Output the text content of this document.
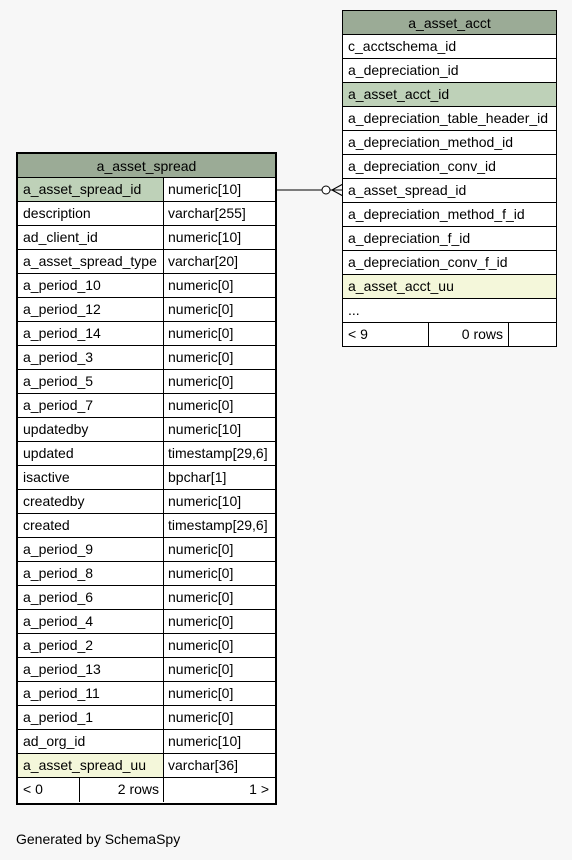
a_asset_spread
a_asset_spread_id	numeric[10]
description	varchar[255]
ad_client_id	numeric[10]
a_asset_spread_type varchar[20]
a_period_10	numeric[0]
a_period_12	numeric[0]
a_period_14	numeric[0]
a_period_3	numeric[0]
a_period_5	numeric[0]
a_period_7	numeric[0]
updatedby	numeric[10]
updated	timestamp[29,6]
isactive	bpchar[1]
createdby	numeric[10]
created	timestamp[29,6]
a_period_9	numeric[0]
a_period_8	numeric[0]
a_period_6	numeric[0]
a_period_4	numeric[0]
a_period_2	numeric[0]
a_period_13	numeric[0]
a_period_11	numeric[0]
a_period_1	numeric[0]
ad_org_id	numeric[10]
a_asset_spread_uu	varchar[36]
< 0	2 rows	1 >
a_asset_acct
c_acctschema_id
a_depreciation_id
a_asset_acct_id
a_depreciation_table_header_id
a_depreciation_method_id
a_depreciation_conv_id
a_asset_spread_id
a_depreciation_method_f_id
a_depreciation_f_id
a_depreciation_conv_f_id
a_asset_acct_uu
...
< 9	0 rows
Generated by SchemaSpy
